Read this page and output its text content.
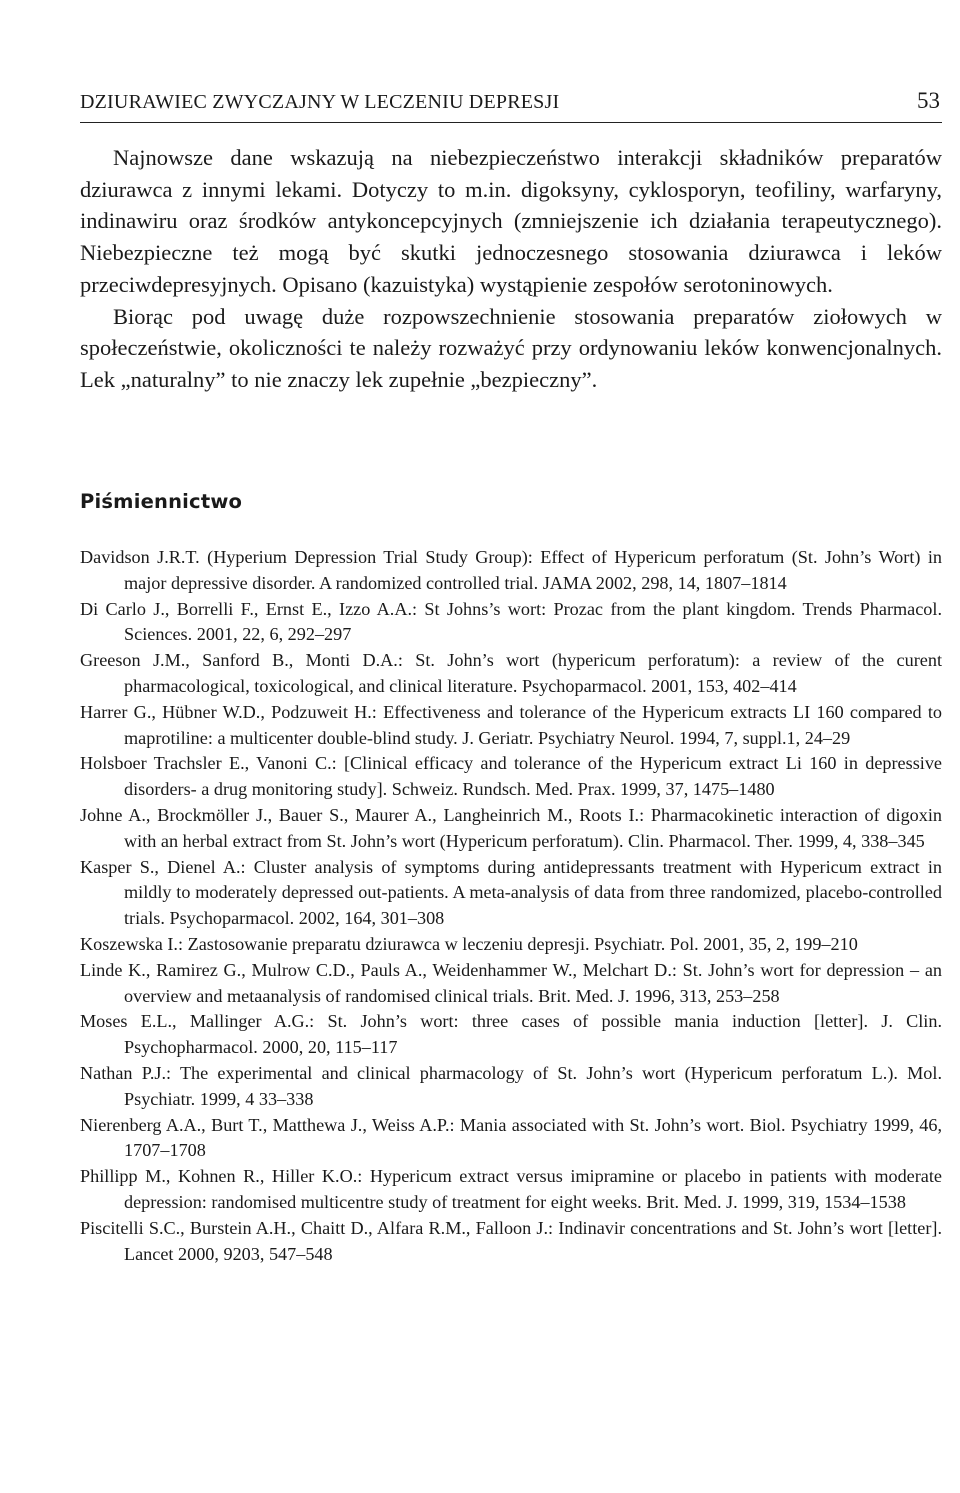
DZIURAWIEC ZWYCZAJNY W LECZENIU DEPRESJI	53

Najnowsze dane wskazują na niebezpieczeństwo interakcji składników preparatów dziurawca z innymi lekami. Dotyczy to m.in. digoksyny, cyklosporyn, teofiliny, warfaryny, indinawiru oraz środków antykoncepcyjnych (zmniejszenie ich działania terapeutycznego). Niebezpieczne też mogą być skutki jednoczesnego stosowania dziurawca i leków przeciwdepresyjnych. Opisano (kazuistyka) wystąpienie zespołów serotoninowych.

Biorąc pod uwagę duże rozpowszechnienie stosowania preparatów ziołowych w społeczeństwie, okoliczności te należy rozważyć przy ordynowaniu leków konwencjonalnych. Lek „naturalny” to nie znaczy lek zupełnie „bezpieczny”.

Piśmiennictwo
Davidson J.R.T. (Hyperium Depression Trial Study Group): Effect of Hypericum perforatum (St. John’s Wort) in major depressive disorder. A randomized controlled trial. JAMA 2002, 298, 14, 1807–1814
Di Carlo J., Borrelli F., Ernst E., Izzo A.A.: St Johns’s wort: Prozac from the plant kingdom. Trends Pharmacol. Sciences. 2001, 22, 6, 292–297
Greeson J.M., Sanford B., Monti D.A.: St. John’s wort (hypericum perforatum): a review of the curent pharmacological, toxicological, and clinical literature. Psychoparmacol. 2001, 153, 402–414
Harrer G., Hübner W.D., Podzuweit H.: Effectiveness and tolerance of the Hypericum extracts LI 160 compared to maprotiline: a multicenter double-blind study. J. Geriatr. Psychiatry Neurol. 1994, 7, suppl.1, 24–29
Holsboer Trachsler E., Vanoni C.: [Clinical efficacy and tolerance of the Hypericum extract Li 160 in depressive disorders- a drug monitoring study]. Schweiz. Rundsch. Med. Prax. 1999, 37, 1475–1480
Johne A., Brockmöller J., Bauer S., Maurer A., Langheinrich M., Roots I.: Pharmacokinetic interaction of digoxin with an herbal extract from St. John’s wort (Hypericum perforatum). Clin. Pharmacol. Ther. 1999, 4, 338–345
Kasper S., Dienel A.: Cluster analysis of symptoms during antidepressants treatment with Hypericum extract in mildly to moderately depressed out-patients. A meta-analysis of data from three randomized, placebo-controlled trials. Psychoparmacol. 2002, 164, 301–308
Koszewska I.: Zastosowanie preparatu dziurawca w leczeniu depresji. Psychiatr. Pol. 2001, 35, 2, 199–210
Linde K., Ramirez G., Mulrow C.D., Pauls A., Weidenhammer W., Melchart D.: St. John’s wort for depression – an overview and metaanalysis of randomised clinical trials. Brit. Med. J. 1996, 313, 253–258
Moses E.L., Mallinger A.G.: St. John’s wort: three cases of possible mania induction [letter]. J. Clin. Psychopharmacol. 2000, 20, 115–117
Nathan P.J.: The experimental and clinical pharmacology of St. John’s wort (Hypericum perforatum L.). Mol. Psychiatr. 1999, 4 33–338
Nierenberg A.A., Burt T., Matthewa J., Weiss A.P.: Mania associated with St. John’s wort. Biol. Psychiatry 1999, 46, 1707–1708
Phillipp M., Kohnen R., Hiller K.O.: Hypericum extract versus imipramine or placebo in patients with moderate depression: randomised multicentre study of treatment for eight weeks. Brit. Med. J. 1999, 319, 1534–1538
Piscitelli S.C., Burstein A.H., Chaitt D., Alfara R.M., Falloon J.: Indinavir concentrations and St. John’s wort [letter]. Lancet 2000, 9203, 547–548
